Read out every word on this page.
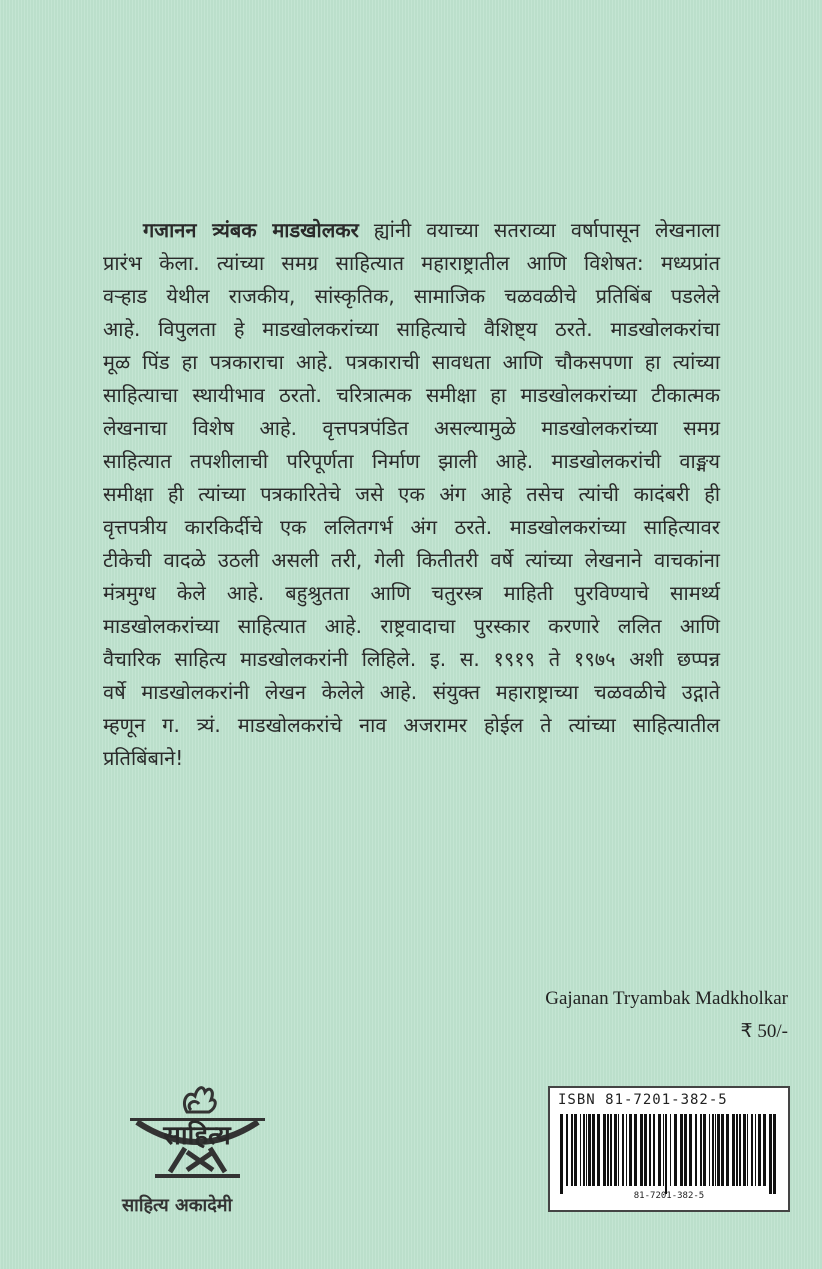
गजानन त्र्यंबक माडखोलकर ह्यांनी वयाच्या सतराव्या वर्षापासून लेखनाला
प्रारंभ केला. त्यांच्या समग्र साहित्यात महाराष्ट्रातील आणि विशेषत: मध्यप्रांत
वऱ्हाड येथील राजकीय, सांस्कृतिक, सामाजिक चळवळीचे प्रतिबिंब पडलेले
आहे. विपुलता हे माडखोलकरांच्या साहित्याचे वैशिष्ट्य ठरते. माडखोलकरांचा
मूळ पिंड हा पत्रकाराचा आहे. पत्रकाराची सावधता आणि चौकसपणा हा त्यांच्या
साहित्याचा स्थायीभाव ठरतो. चरित्रात्मक समीक्षा हा माडखोलकरांच्या टीकात्मक
लेखनाचा विशेष आहे. वृत्तपत्रपंडित असल्यामुळे माडखोलकरांच्या समग्र
साहित्यात तपशीलाची परिपूर्णता निर्माण झाली आहे. माडखोलकरांची वाङ्मय
समीक्षा ही त्यांच्या पत्रकारितेचे जसे एक अंग आहे तसेच त्यांची कादंबरी ही
वृत्तपत्रीय कारकिर्दीचे एक ललितगर्भ अंग ठरते. माडखोलकरांच्या साहित्यावर
टीकेची वादळे उठली असली तरी, गेली कितीतरी वर्षे त्यांच्या लेखनाने वाचकांना
मंत्रमुग्ध केले आहे. बहुश्रुतता आणि चतुरस्त्र माहिती पुरविण्याचे सामर्थ्य
माडखोलकरांच्या साहित्यात आहे. राष्ट्रवादाचा पुरस्कार करणारे ललित आणि
वैचारिक साहित्य माडखोलकरांनी लिहिले. इ. स. १९१९ ते १९७५ अशी छप्पन्न
वर्षे माडखोलकरांनी लेखन केलेले आहे. संयुक्त महाराष्ट्राच्या चळवळीचे उद्गाते
म्हणून ग. त्र्यं. माडखोलकरांचे नाव अजरामर होईल ते त्यांच्या साहित्यातील
प्रतिबिंबाने!
Gajanan Tryambak Madkholkar
₹ 50/-
ISBN 81-7201-382-5
81-7201-382-5
साहित्य
साहित्य अकादेमी
